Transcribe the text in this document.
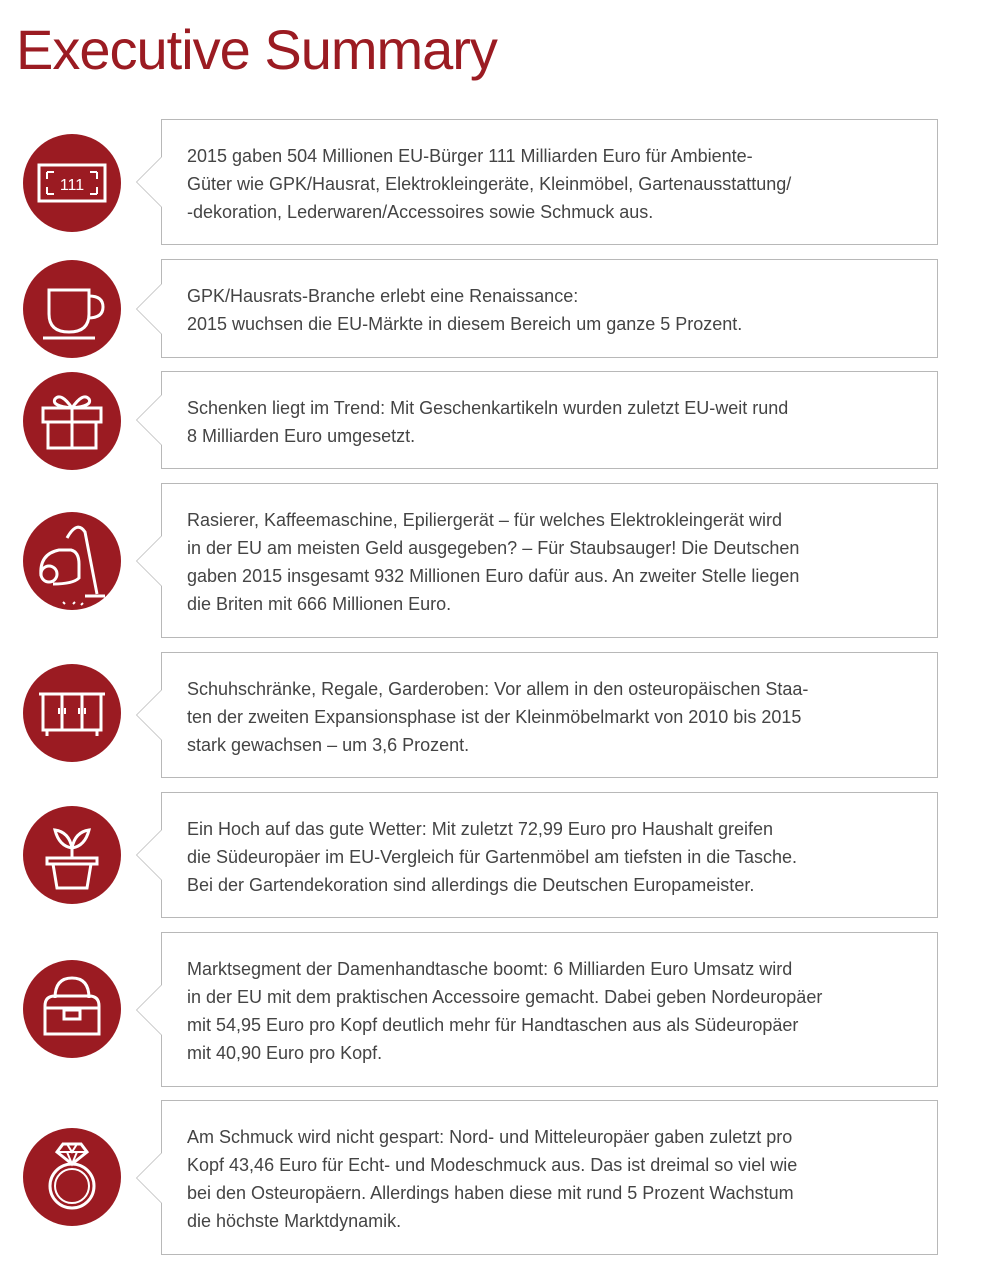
Executive Summary
111

2015 gaben 504 Millionen EU-Bürger 111 Milliarden Euro für Ambiente-
Güter wie GPK/Hausrat, Elektrokleingeräte, Kleinmöbel, Gartenausstattung/
-dekoration, Lederwaren/Accessoires sowie Schmuck aus.

GPK/Hausrats-Branche erlebt eine Renaissance:
2015 wuchsen die EU-Märkte in diesem Bereich um ganze 5 Prozent.

Schenken liegt im Trend: Mit Geschenkartikeln wurden zuletzt EU-weit rund
8 Milliarden Euro umgesetzt.

Rasierer, Kaffeemaschine, Epiliergerät – für welches Elektrokleingerät wird
in der EU am meisten Geld ausgegeben? – Für Staubsauger! Die Deutschen
gaben 2015 insgesamt 932 Millionen Euro dafür aus. An zweiter Stelle liegen
die Briten mit 666 Millionen Euro.

Schuhschränke, Regale, Garderoben: Vor allem in den osteuropäischen Staa-
ten der zweiten Expansionsphase ist der Kleinmöbelmarkt von 2010 bis 2015
stark gewachsen – um 3,6 Prozent.

Ein Hoch auf das gute Wetter: Mit zuletzt 72,99 Euro pro Haushalt greifen
die Südeuropäer im EU-Vergleich für Gartenmöbel am tiefsten in die Tasche.
Bei der Gartendekoration sind allerdings die Deutschen Europameister.

Marktsegment der Damenhandtasche boomt: 6 Milliarden Euro Umsatz wird
in der EU mit dem praktischen Accessoire gemacht. Dabei geben Nordeuropäer
mit 54,95 Euro pro Kopf deutlich mehr für Handtaschen aus als Südeuropäer
mit 40,90 Euro pro Kopf.

Am Schmuck wird nicht gespart: Nord- und Mitteleuropäer gaben zuletzt pro
Kopf 43,46 Euro für Echt- und Modeschmuck aus. Das ist dreimal so viel wie
bei den Osteuropäern. Allerdings haben diese mit rund 5 Prozent Wachstum
die höchste Marktdynamik.
